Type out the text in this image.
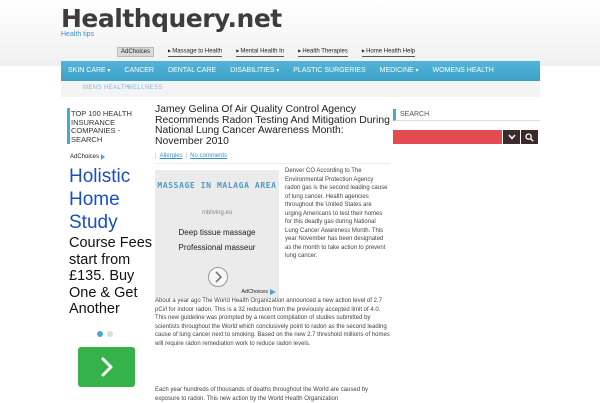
Healthquery.net
Health tips
AdChoices	▶ Massage to Health	▶ Mental Health In	▶ Health Therapies	▶ Home Health Help
SKIN CARE ▾	CANCER	DENTAL CARE	DISABILITIES ▾	PLASTIC SURGERIES	MEDICINE ▾	WOMENS HEALTH
MENS HEALTH
WELLNESS
TOP 100 HEALTH INSURANCE COMPANIES - SEARCH
AdChoices

Holistic Home Study

Course Fees start from £135. Buy One & Get Another

Jamey Gelina Of Air Quality Control Agency Recommends Radon Testing And Mitigation During National Lung Cancer Awareness Month: November 2010
| Allergies | No comments
MASSAGE IN MALAGA AREA
mbliving.eu
Deep tissue massage
Professional masseur
AdChoices

Denver CO According to The Environmental Protection Agency radon gas is the second leading cause of lung cancer. Health agencies throughout the United States are urging Americans to test their homes for this deadly gas during National Lung Cancer Awareness Month. This year November has been designated as the month to take action to prevent lung cancer.

About a year ago The World Health Organization announced a new action level of 2.7 pCi/l for indoor radon. This is a 32 reduction from the previously accepted limit of 4.0. This new guideline was prompted by a recent compilation of studies submitted by scientists throughout the World which conclusively point to radon as the second leading cause of lung cancer next to smoking. Based on the new 2.7 threshold millions of homes will require radon remediation work to reduce radon levels.

Each year hundreds of thousands of deaths throughout the World are caused by exposure to radon. This new action by the World Health Organization

SEARCH
